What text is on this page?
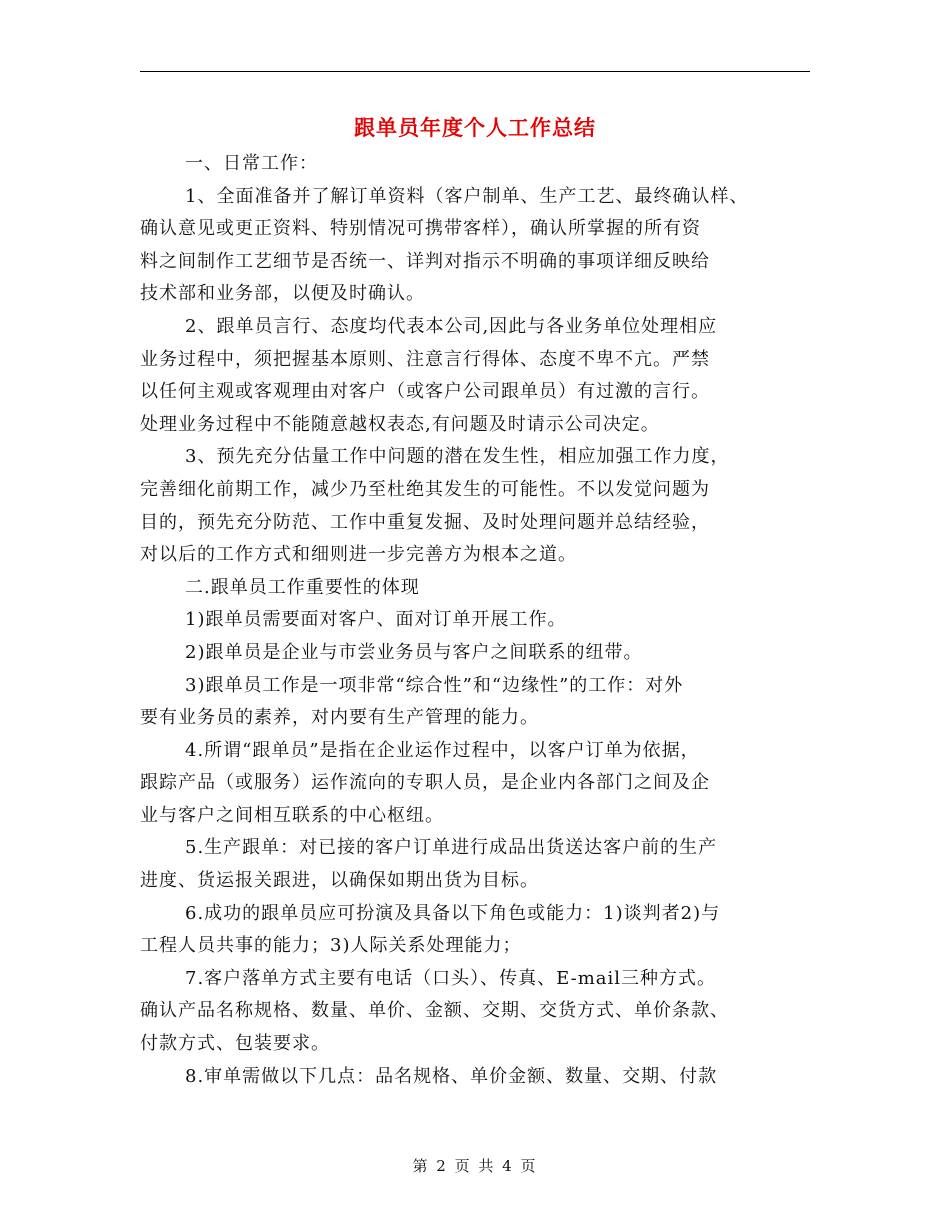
跟单员年度个人工作总结
一、日常工作：
1、全面准备并了解订单资料（客户制单、生产工艺、最终确认样、
确认意见或更正资料、特别情况可携带客样），确认所掌握的所有资
料之间制作工艺细节是否统一、详判对指示不明确的事项详细反映给
技术部和业务部，以便及时确认。
2、跟单员言行、态度均代表本公司,因此与各业务单位处理相应
业务过程中，须把握基本原则、注意言行得体、态度不卑不亢。严禁
以任何主观或客观理由对客户（或客户公司跟单员）有过激的言行。
处理业务过程中不能随意越权表态,有问题及时请示公司决定。
3、预先充分估量工作中问题的潜在发生性，相应加强工作力度，
完善细化前期工作，减少乃至杜绝其发生的可能性。不以发觉问题为
目的，预先充分防范、工作中重复发掘、及时处理问题并总结经验，
对以后的工作方式和细则进一步完善方为根本之道。
二.跟单员工作重要性的体现
1)跟单员需要面对客户、面对订单开展工作。
2)跟单员是企业与市尝业务员与客户之间联系的纽带。
3)跟单员工作是一项非常“综合性”和“边缘性”的工作：对外
要有业务员的素养，对内要有生产管理的能力。
4.所谓“跟单员”是指在企业运作过程中，以客户订单为依据，
跟踪产品（或服务）运作流向的专职人员，是企业内各部门之间及企
业与客户之间相互联系的中心枢纽。
5.生产跟单：对已接的客户订单进行成品出货送达客户前的生产
进度、货运报关跟进，以确保如期出货为目标。
6.成功的跟单员应可扮演及具备以下角色或能力：1)谈判者2)与
工程人员共事的能力；3)人际关系处理能力；
7.客户落单方式主要有电话（口头）、传真、E-mail三种方式。
确认产品名称规格、数量、单价、金额、交期、交货方式、单价条款、
付款方式、包装要求。
8.审单需做以下几点：品名规格、单价金额、数量、交期、付款
第 2 页 共 4 页
